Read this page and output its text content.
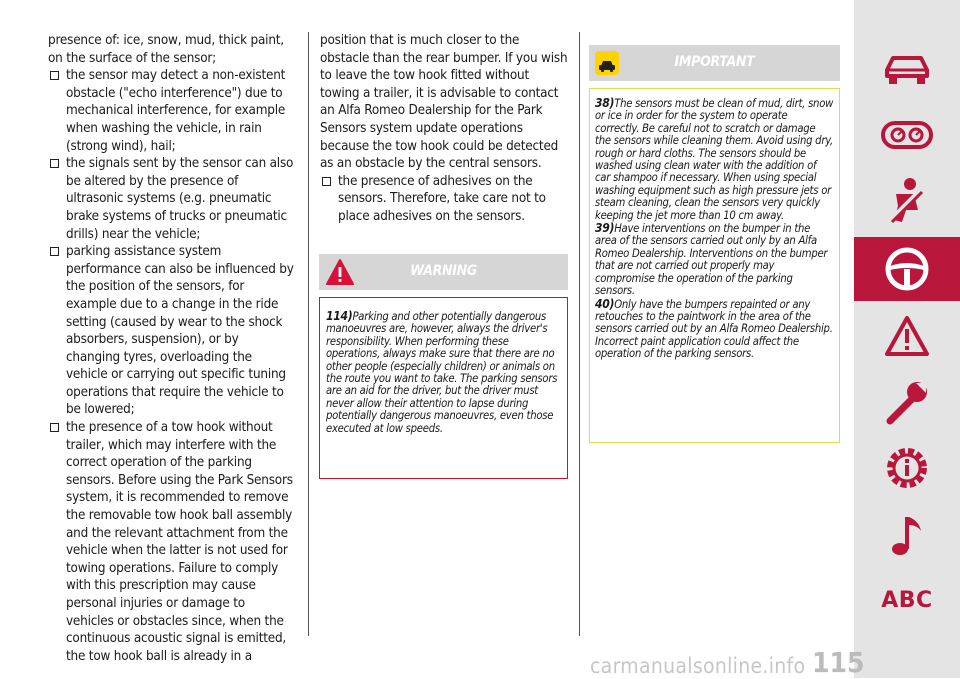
presence of: ice, snow, mud, thick paint, on the surface of the sensor;

the sensor may detect a non-existent obstacle ("echo interference") due to mechanical interference, for example when washing the vehicle, in rain (strong wind), hail;

the signals sent by the sensor can also be altered by the presence of ultrasonic systems (e.g. pneumatic brake systems of trucks or pneumatic drills) near the vehicle;

parking assistance system performance can also be influenced by the position of the sensors, for example due to a change in the ride setting (caused by wear to the shock absorbers, suspension), or by changing tyres, overloading the vehicle or carrying out specific tuning operations that require the vehicle to be lowered;

the presence of a tow hook without trailer, which may interfere with the correct operation of the parking sensors. Before using the Park Sensors system, it is recommended to remove the removable tow hook ball assembly and the relevant attachment from the vehicle when the latter is not used for towing operations. Failure to comply with this prescription may cause personal injuries or damage to vehicles or obstacles since, when the continuous acoustic signal is emitted, the tow hook ball is already in a

position that is much closer to the obstacle than the rear bumper. If you wish to leave the tow hook fitted without towing a trailer, it is advisable to contact an Alfa Romeo Dealership for the Park Sensors system update operations because the tow hook could be detected as an obstacle by the central sensors.

the presence of adhesives on the sensors. Therefore, take care not to place adhesives on the sensors.

WARNING

114)Parking and other potentially dangerous manoeuvres are, however, always the driver's responsibility. When performing these operations, always make sure that there are no other people (especially children) or animals on the route you want to take. The parking sensors are an aid for the driver, but the driver must never allow their attention to lapse during potentially dangerous manoeuvres, even those executed at low speeds.

IMPORTANT

38)The sensors must be clean of mud, dirt, snow or ice in order for the system to operate correctly. Be careful not to scratch or damage the sensors while cleaning them. Avoid using dry, rough or hard cloths. The sensors should be washed using clean water with the addition of car shampoo if necessary. When using special washing equipment such as high pressure jets or steam cleaning, clean the sensors very quickly keeping the jet more than 10 cm away.

39)Have interventions on the bumper in the area of the sensors carried out only by an Alfa Romeo Dealership. Interventions on the bumper that are not carried out properly may compromise the operation of the parking sensors.

40)Only have the bumpers repainted or any retouches to the paintwork in the area of the sensors carried out by an Alfa Romeo Dealership. Incorrect paint application could affect the operation of the parking sensors.

ABC
115
carmanualsonline.info
